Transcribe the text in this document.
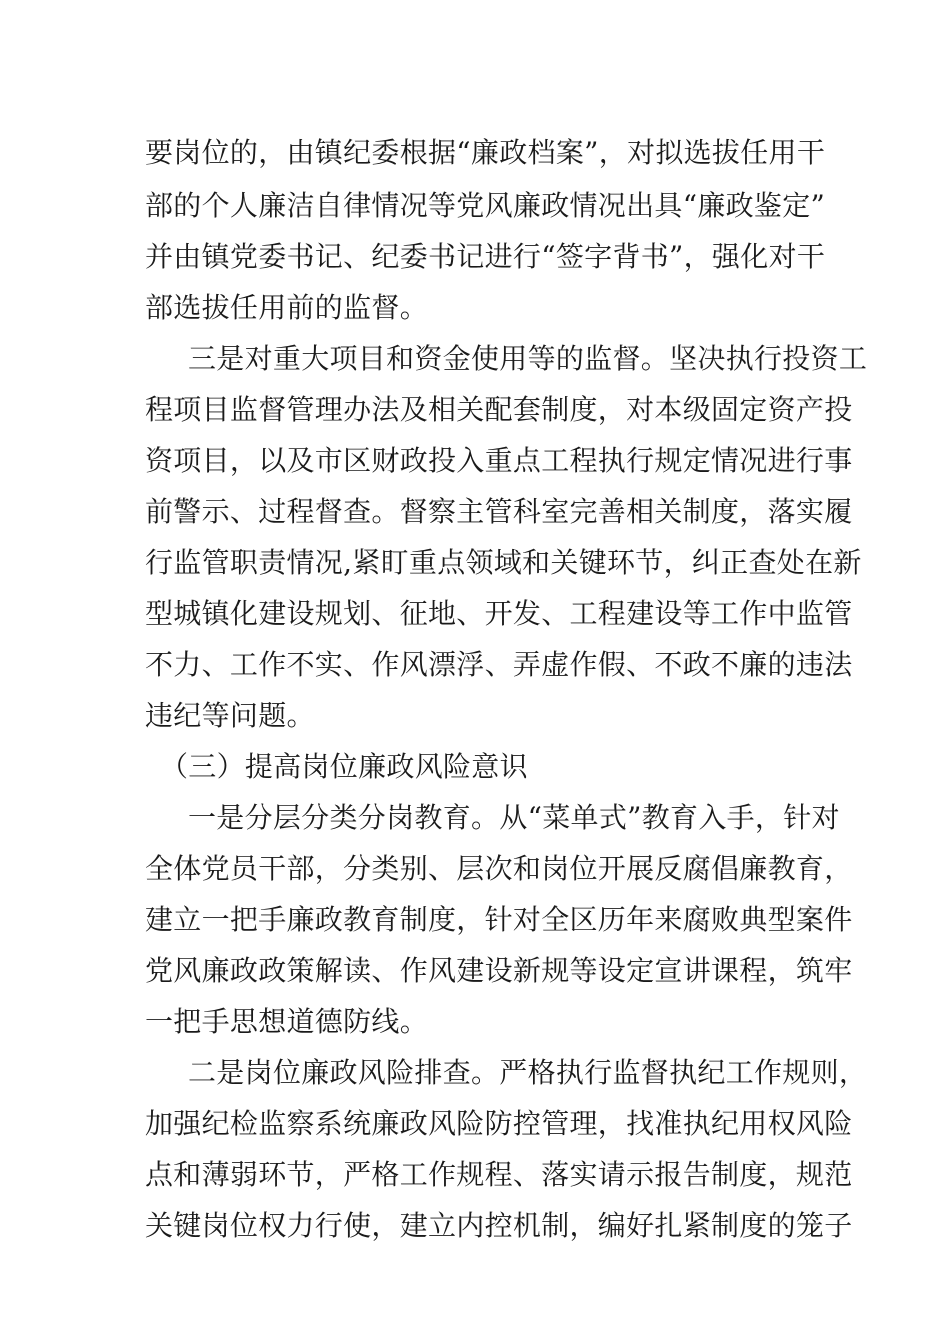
要岗位的，由镇纪委根据“廉政档案”，对拟选拔任用干
部的个人廉洁自律情况等党风廉政情况出具“廉政鉴定”
并由镇党委书记、纪委书记进行“签字背书”，强化对干
部选拔任用前的监督。
三是对重大项目和资金使用等的监督。坚决执行投资工
程项目监督管理办法及相关配套制度，对本级固定资产投
资项目，以及市区财政投入重点工程执行规定情况进行事
前警示、过程督查。督察主管科室完善相关制度，落实履
行监管职责情况,紧盯重点领域和关键环节，纠正查处在新
型城镇化建设规划、征地、开发、工程建设等工作中监管
不力、工作不实、作风漂浮、弄虚作假、不政不廉的违法
违纪等问题。
（三）提高岗位廉政风险意识
一是分层分类分岗教育。从“菜单式”教育入手，针对
全体党员干部，分类别、层次和岗位开展反腐倡廉教育，
建立一把手廉政教育制度，针对全区历年来腐败典型案件
党风廉政政策解读、作风建设新规等设定宣讲课程，筑牢
一把手思想道德防线。
二是岗位廉政风险排查。严格执行监督执纪工作规则，
加强纪检监察系统廉政风险防控管理，找准执纪用权风险
点和薄弱环节，严格工作规程、落实请示报告制度，规范
关键岗位权力行使，建立内控机制，编好扎紧制度的笼子
